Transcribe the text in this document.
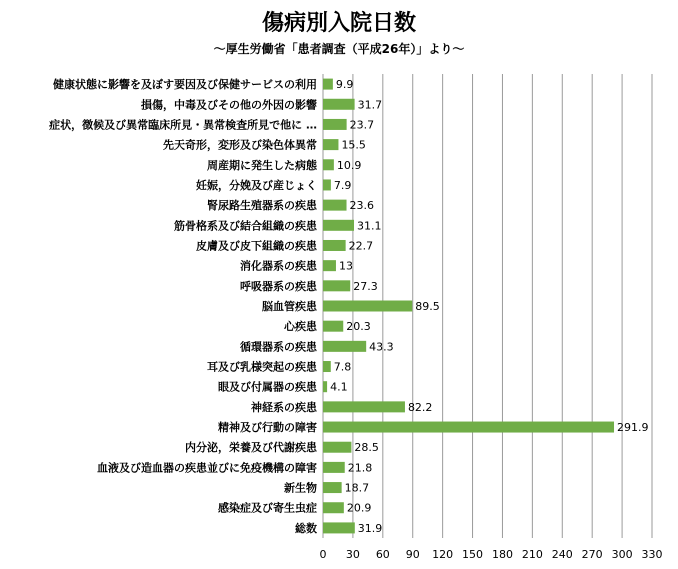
傷病別入院日数
～厚生労働省「患者調査（平成26年）」より～
健康状態に影響を及ぼす要因及び保健サービスの利用 9.9
損傷，中毒及びその他の外因の影響	31.7
症状，徴候及び異常臨床所見・異常検査所見で他に …	23.7
先天奇形，変形及び染色体異常 15.5
周産期に発生した病態 10.9
妊娠，分娩及び産じょく 7.9
腎尿路生殖器系の疾患	23.6
筋骨格系及び結合組織の疾患	31.1
皮膚及び皮下組織の疾患	22.7
消化器系の疾患 13
呼吸器系の疾患	27.3
脳血管疾患	89.5
心疾患	20.3
循環器系の疾患	43.3
耳及び乳様突起の疾患 7.8
眼及び付属器の疾患 4.1
神経系の疾患	82.2
精神及び行動の障害	291.9
内分泌，栄養及び代謝疾患	28.5
血液及び造血器の疾患並びに免疫機構の障害	21.8
新生物	18.7
感染症及び寄生虫症	20.9
総数	31.9
0 30 60 90 120 150 180 210 240 270 300 330
